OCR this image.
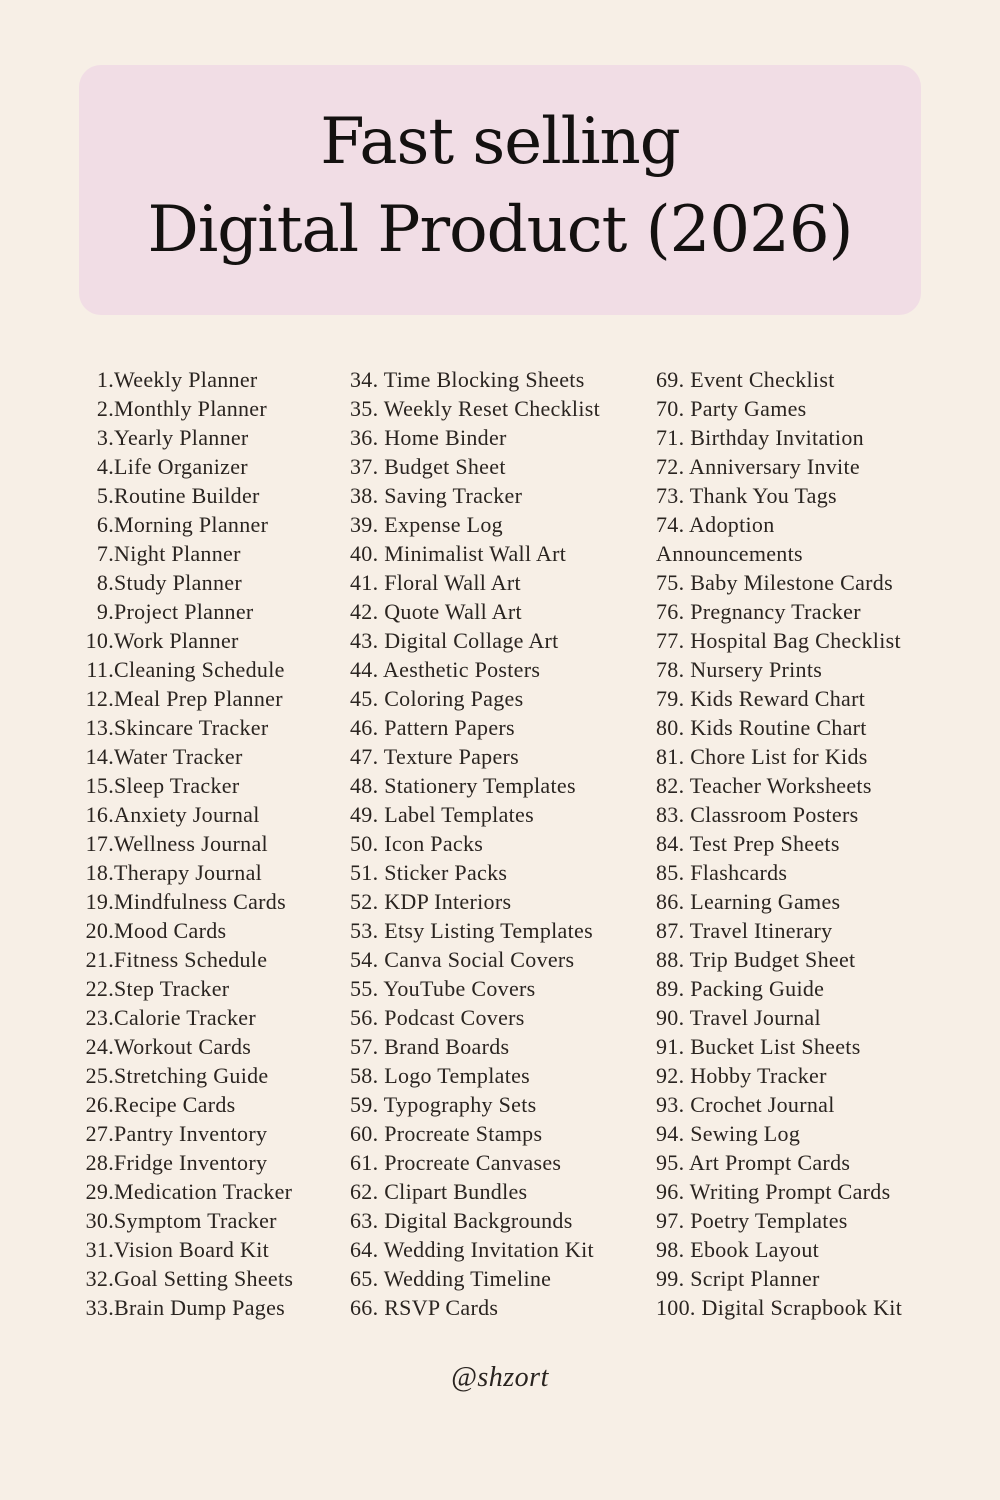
Fast selling
Digital Product (2026)
1.Weekly Planner
2.Monthly Planner
3.Yearly Planner
4.Life Organizer
5.Routine Builder
6.Morning Planner
7.Night Planner
8.Study Planner
9.Project Planner
10.Work Planner
11.Cleaning Schedule
12.Meal Prep Planner
13.Skincare Tracker
14.Water Tracker
15.Sleep Tracker
16.Anxiety Journal
17.Wellness Journal
18.Therapy Journal
19.Mindfulness Cards
20.Mood Cards
21.Fitness Schedule
22.Step Tracker
23.Calorie Tracker
24.Workout Cards
25.Stretching Guide
26.Recipe Cards
27.Pantry Inventory
28.Fridge Inventory
29.Medication Tracker
30.Symptom Tracker
31.Vision Board Kit
32.Goal Setting Sheets
33.Brain Dump Pages
34. Time Blocking Sheets
35. Weekly Reset Checklist
36. Home Binder
37. Budget Sheet
38. Saving Tracker
39. Expense Log
40. Minimalist Wall Art
41. Floral Wall Art
42. Quote Wall Art
43. Digital Collage Art
44. Aesthetic Posters
45. Coloring Pages
46. Pattern Papers
47. Texture Papers
48. Stationery Templates
49. Label Templates
50. Icon Packs
51. Sticker Packs
52. KDP Interiors
53. Etsy Listing Templates
54. Canva Social Covers
55. YouTube Covers
56. Podcast Covers
57. Brand Boards
58. Logo Templates
59. Typography Sets
60. Procreate Stamps
61. Procreate Canvases
62. Clipart Bundles
63. Digital Backgrounds
64. Wedding Invitation Kit
65. Wedding Timeline
66. RSVP Cards
69. Event Checklist
70. Party Games
71. Birthday Invitation
72. Anniversary Invite
73. Thank You Tags
74. Adoption Announcements
75. Baby Milestone Cards
76. Pregnancy Tracker
77. Hospital Bag Checklist
78. Nursery Prints
79. Kids Reward Chart
80. Kids Routine Chart
81. Chore List for Kids
82. Teacher Worksheets
83. Classroom Posters
84. Test Prep Sheets
85. Flashcards
86. Learning Games
87. Travel Itinerary
88. Trip Budget Sheet
89. Packing Guide
90. Travel Journal
91. Bucket List Sheets
92. Hobby Tracker
93. Crochet Journal
94. Sewing Log
95. Art Prompt Cards
96. Writing Prompt Cards
97. Poetry Templates
98. Ebook Layout
99. Script Planner
100. Digital Scrapbook Kit
@shzort
